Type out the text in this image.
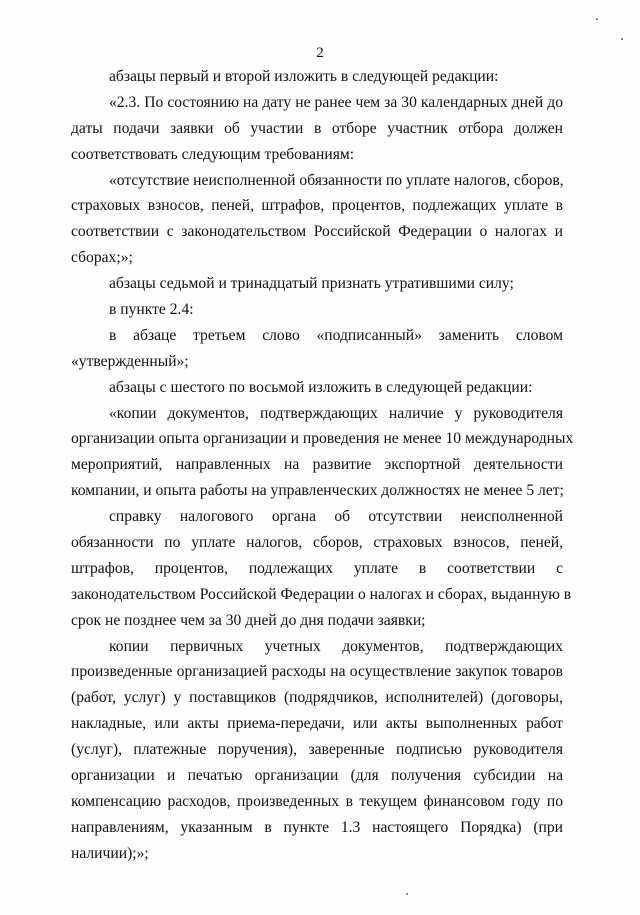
2
абзацы первый и второй изложить в следующей редакции:
«2.3. По состоянию на дату не ранее чем за 30 календарных дней до
даты подачи заявки об участии в отборе участник отбора должен
соответствовать следующим требованиям:
«отсутствие неисполненной обязанности по уплате налогов, сборов,
страховых взносов, пеней, штрафов, процентов, подлежащих уплате в
соответствии с законодательством Российской Федерации о налогах и
сборах;»;
абзацы седьмой и тринадцатый признать утратившими силу;
в пункте 2.4:
в абзаце третьем слово «подписанный» заменить словом
«утвержденный»;
абзацы с шестого по восьмой изложить в следующей редакции:
«копии документов, подтверждающих наличие у руководителя
организации опыта организации и проведения не менее 10 международных
мероприятий, направленных на развитие экспортной деятельности
компании, и опыта работы на управленческих должностях не менее 5 лет;
справку налогового органа об отсутствии неисполненной
обязанности по уплате налогов, сборов, страховых взносов, пеней,
штрафов, процентов, подлежащих уплате в соответствии с
законодательством Российской Федерации о налогах и сборах, выданную в
срок не позднее чем за 30 дней до дня подачи заявки;
копии первичных учетных документов, подтверждающих
произведенные организацией расходы на осуществление закупок товаров
(работ, услуг) у поставщиков (подрядчиков, исполнителей) (договоры,
накладные, или акты приема-передачи, или акты выполненных работ
(услуг), платежные поручения), заверенные подписью руководителя
организации и печатью организации (для получения субсидии на
компенсацию расходов, произведенных в текущем финансовом году по
направлениям, указанным в пункте 1.3 настоящего Порядка) (при
наличии);»;
